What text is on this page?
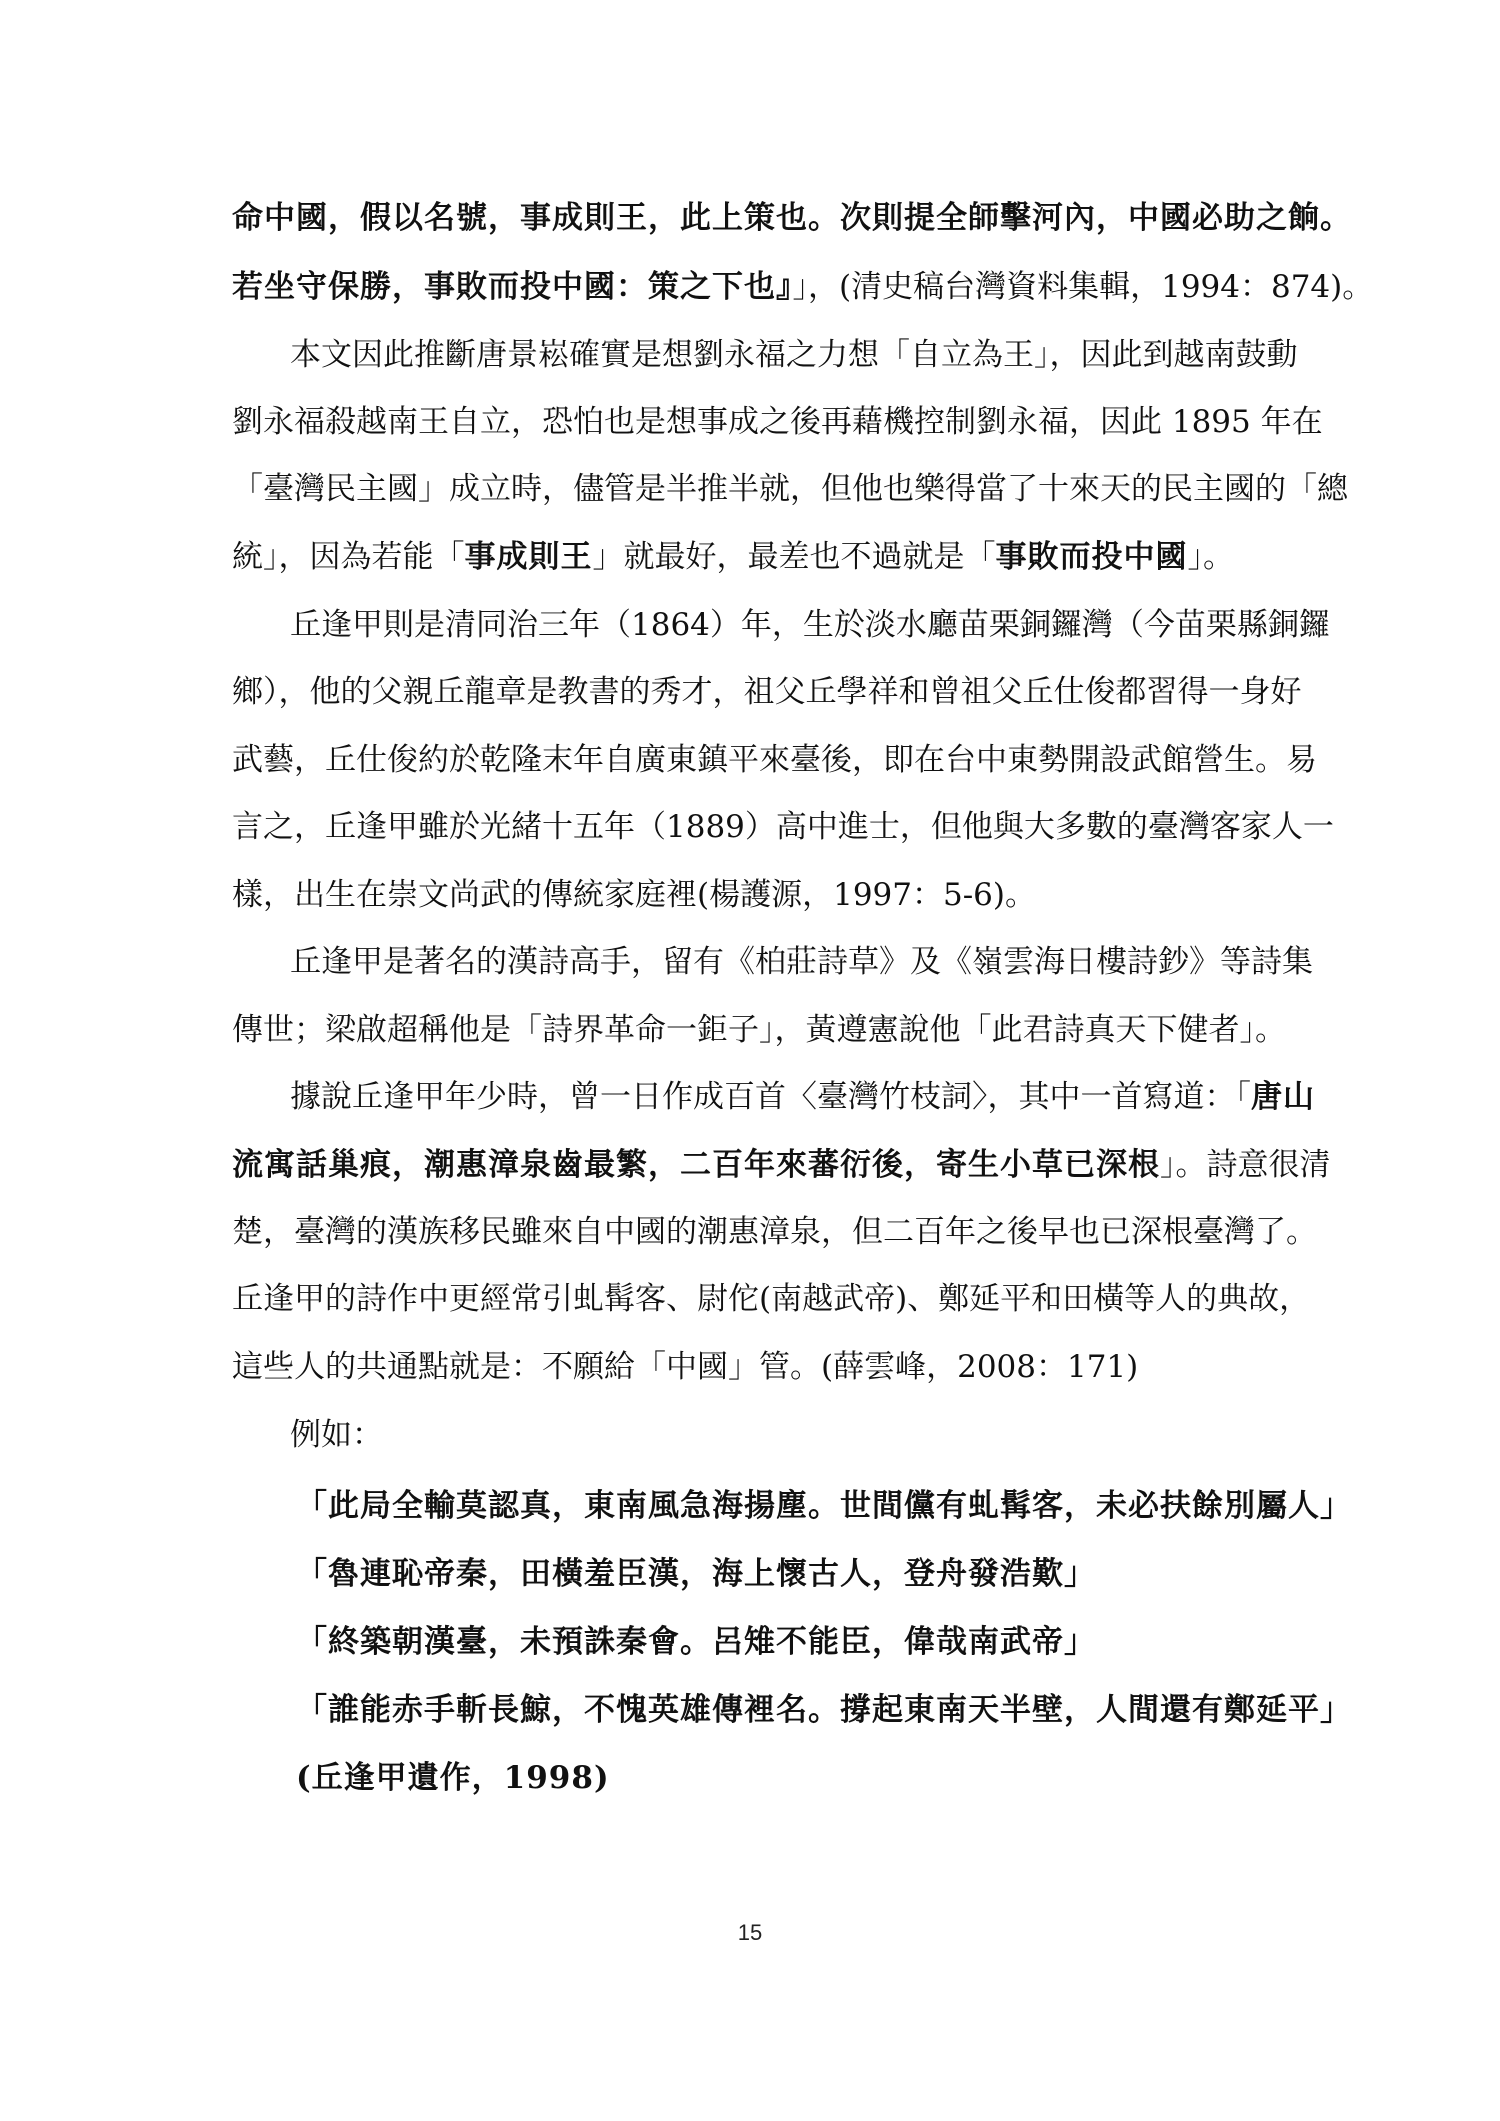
命中國，假以名號，事成則王，此上策也。次則提全師擊河內，中國必助之餉。
若坐守保勝，事敗而投中國：策之下也』」，(清史稿台灣資料集輯，1994：874)。
本文因此推斷唐景崧確實是想劉永福之力想「自立為王」，因此到越南鼓動
劉永福殺越南王自立，恐怕也是想事成之後再藉機控制劉永福，因此 1895 年在
「臺灣民主國」成立時，儘管是半推半就，但他也樂得當了十來天的民主國的「總
統」，因為若能「事成則王」就最好，最差也不過就是「事敗而投中國」。
丘逢甲則是清同治三年（1864）年，生於淡水廳苗栗銅鑼灣（今苗栗縣銅鑼
鄉），他的父親丘龍章是教書的秀才，祖父丘學祥和曾祖父丘仕俊都習得一身好
武藝，丘仕俊約於乾隆末年自廣東鎮平來臺後，即在台中東勢開設武館營生。易
言之，丘逢甲雖於光緒十五年（1889）高中進士，但他與大多數的臺灣客家人一
樣，出生在崇文尚武的傳統家庭裡(楊護源，1997：5-6)。
丘逢甲是著名的漢詩高手，留有《柏莊詩草》及《嶺雲海日樓詩鈔》等詩集
傳世；梁啟超稱他是「詩界革命一鉅子」，黃遵憲說他「此君詩真天下健者」。
據說丘逢甲年少時，曾一日作成百首〈臺灣竹枝詞〉，其中一首寫道：「唐山
流寓話巢痕，潮惠漳泉齒最繁，二百年來蕃衍後，寄生小草已深根」。詩意很清
楚，臺灣的漢族移民雖來自中國的潮惠漳泉，但二百年之後早也已深根臺灣了。
丘逢甲的詩作中更經常引虬髯客、尉佗(南越武帝)、鄭延平和田橫等人的典故，
這些人的共通點就是：不願給「中國」管。(薛雲峰，2008：171)
例如：
「此局全輸莫認真，東南風急海揚塵。世間儻有虬髯客，未必扶餘別屬人」
「魯連恥帝秦，田橫羞臣漢，海上懷古人，登舟發浩歎」
「終築朝漢臺，未預誅秦會。呂雉不能臣，偉哉南武帝」
「誰能赤手斬長鯨，不愧英雄傳裡名。撐起東南天半壁，人間還有鄭延平」
(丘逢甲遺作，1998)
15
